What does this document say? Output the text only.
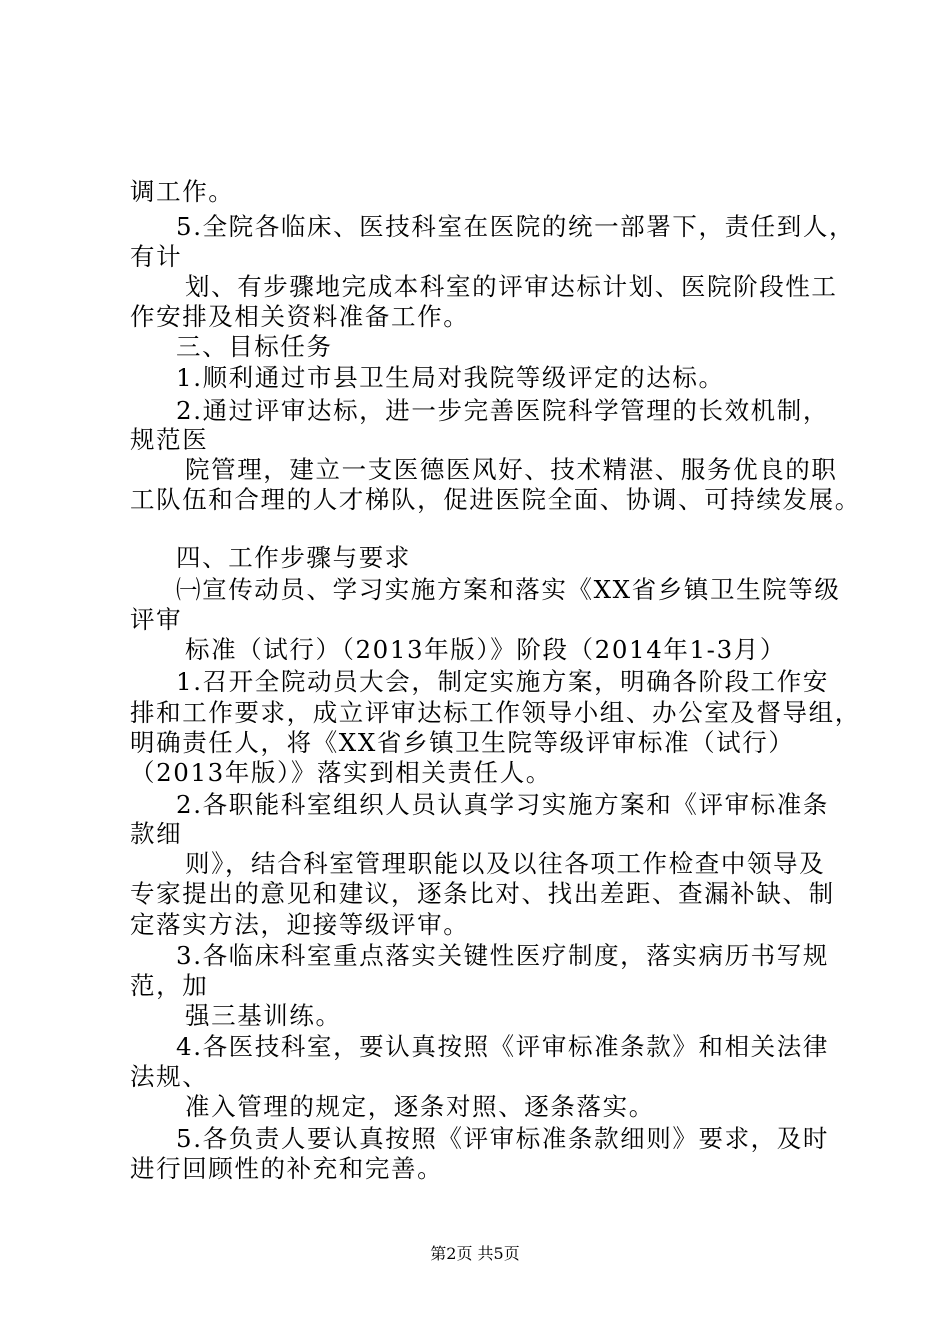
调工作。
5.全院各临床、医技科室在医院的统一部署下，责任到人，
有计
划、有步骤地完成本科室的评审达标计划、医院阶段性工
作安排及相关资料准备工作。
三、目标任务
1.顺利通过市县卫生局对我院等级评定的达标。
2.通过评审达标，进一步完善医院科学管理的长效机制，
规范医
院管理，建立一支医德医风好、技术精湛、服务优良的职
工队伍和合理的人才梯队，促进医院全面、协调、可持续发展。
四、工作步骤与要求
㈠宣传动员、学习实施方案和落实《XX省乡镇卫生院等级
评审
标准（试行）（2013年版）》阶段（2014年1-3月）
1.召开全院动员大会，制定实施方案，明确各阶段工作安
排和工作要求，成立评审达标工作领导小组、办公室及督导组，
明确责任人，将《XX省乡镇卫生院等级评审标准（试行）
（2013年版）》落实到相关责任人。
2.各职能科室组织人员认真学习实施方案和《评审标准条
款细
则》，结合科室管理职能以及以往各项工作检查中领导及
专家提出的意见和建议，逐条比对、找出差距、查漏补缺、制
定落实方法，迎接等级评审。
3.各临床科室重点落实关键性医疗制度，落实病历书写规
范，加
强三基训练。
4.各医技科室，要认真按照《评审标准条款》和相关法律
法规、
准入管理的规定，逐条对照、逐条落实。
5.各负责人要认真按照《评审标准条款细则》要求，及时
进行回顾性的补充和完善。
第2页 共5页
